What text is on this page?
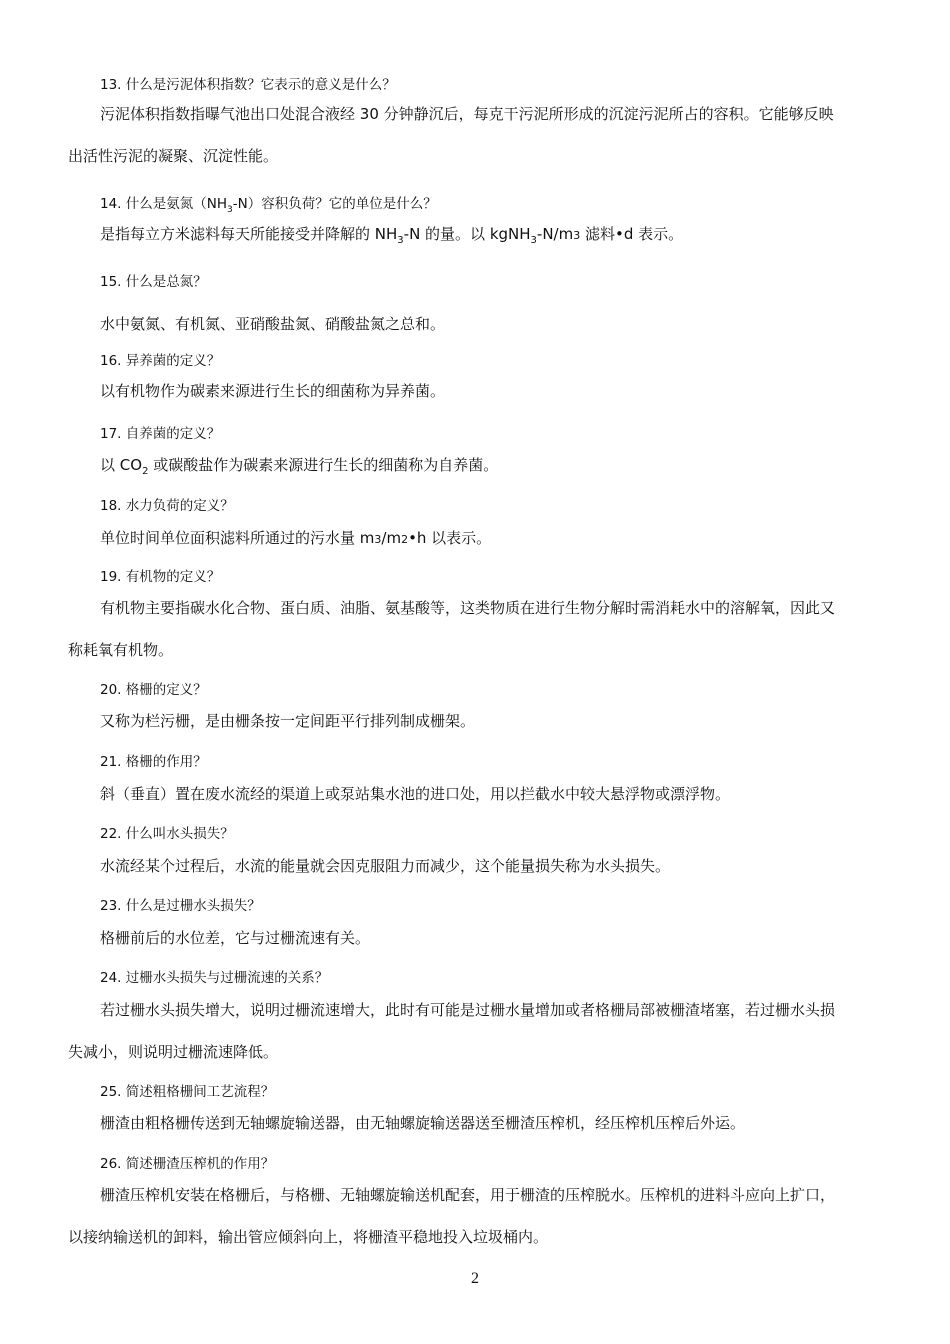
13. 什么是污泥体积指数？它表示的意义是什么？
污泥体积指数指曝气池出口处混合液经 30 分钟静沉后，每克干污泥所形成的沉淀污泥所占的容积。它能够反映
出活性污泥的凝聚、沉淀性能。
14. 什么是氨氮$(NH_3-N)$容积负荷？它的单位是什么？
是指每立方米滤料每天所能接受并降解的 $NH_3-N$ 的量。以 kgNH$_3$-N/m3 滤料•d 表示。
15. 什么是总氮？
水中氨氮、有机氮、亚硝酸盐氮、硝酸盐氮之总和。
16. 异养菌的定义？
以有机物作为碳素来源进行生长的细菌称为异养菌。
17. 自养菌的定义？
以 $CO_2$ 或碳酸盐作为碳素来源进行生长的细菌称为自养菌。
18. 水力负荷的定义？
单位时间单位面积滤料所通过的污水量 m3/m2•h 以表示。
19. 有机物的定义？
有机物主要指碳水化合物、蛋白质、油脂、氨基酸等，这类物质在进行生物分解时需消耗水中的溶解氧，因此又
称耗氧有机物。
20. 格栅的定义？
又称为栏污栅，是由栅条按一定间距平行排列制成栅架。
21. 格栅的作用？
斜（垂直）置在废水流经的渠道上或泵站集水池的进口处，用以拦截水中较大悬浮物或漂浮物。
22. 什么叫水头损失？
水流经某个过程后，水流的能量就会因克服阻力而减少，这个能量损失称为水头损失。
23. 什么是过栅水头损失？
格栅前后的水位差，它与过栅流速有关。
24. 过栅水头损失与过栅流速的关系？
若过栅水头损失增大，说明过栅流速增大，此时有可能是过栅水量增加或者格栅局部被栅渣堵塞，若过栅水头损
失减小，则说明过栅流速降低。
25. 简述粗格栅间工艺流程？
栅渣由粗格栅传送到无轴螺旋输送器，由无轴螺旋输送器送至栅渣压榨机，经压榨机压榨后外运。
26. 简述栅渣压榨机的作用？
栅渣压榨机安装在格栅后，与格栅、无轴螺旋输送机配套，用于栅渣的压榨脱水。压榨机的进料斗应向上扩口，
以接纳输送机的卸料，输出管应倾斜向上，将栅渣平稳地投入垃圾桶内。
2
